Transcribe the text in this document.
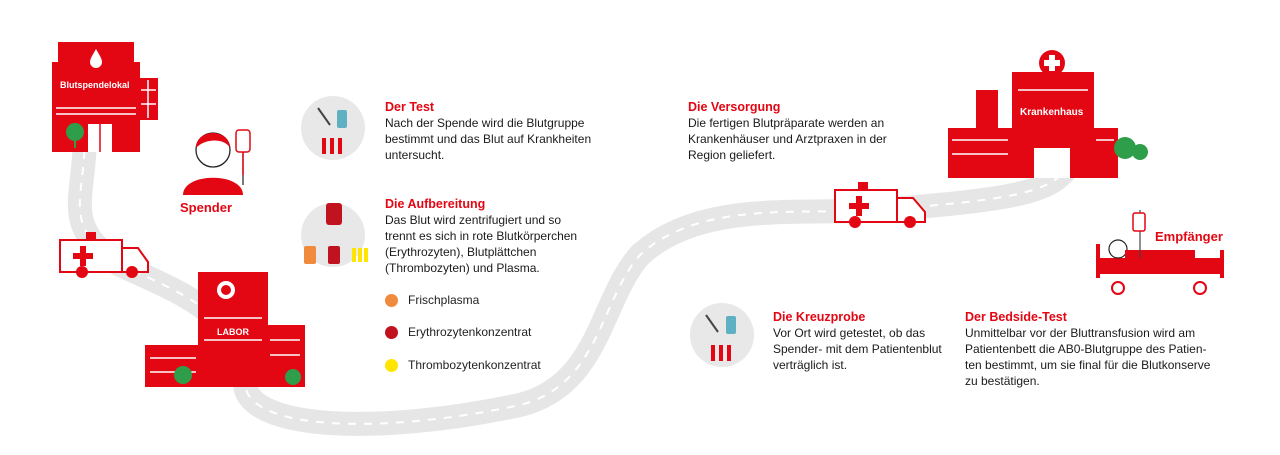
Blutspendelokal
LABOR
Krankenhaus
Spender
Empfänger
Der Test
Nach der Spende wird die Blutgruppe
bestimmt und das Blut auf Krankheiten
untersucht.
Die Aufbereitung
Das Blut wird zentrifugiert und so
trennt es sich in rote Blutkörperchen
(Erythrozyten), Blutplättchen
(Thrombozyten) und Plasma.
Frischplasma
Erythrozytenkonzentrat
Thrombozytenkonzentrat
Die Versorgung
Die fertigen Blutpräparate werden an
Krankenhäuser und Arztpraxen in der
Region geliefert.
Die Kreuzprobe
Vor Ort wird getestet, ob das
Spender- mit dem Patientenblut
verträglich ist.
Der Bedside-Test
Unmittelbar vor der Bluttransfusion wird am
Patientenbett die AB0-Blutgruppe des Patien-
ten bestimmt, um sie final für die Blutkonserve
zu bestätigen.
